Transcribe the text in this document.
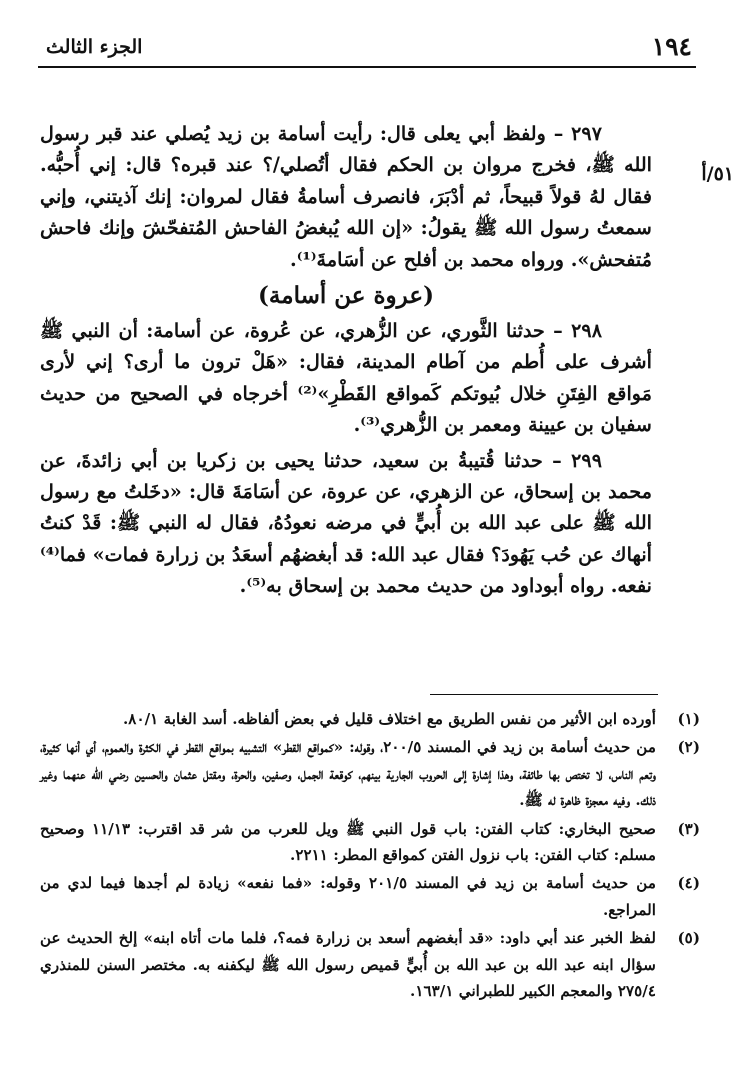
١٩٤
الجزء الثالث
٥١/أ

٢٩٧ – ولفظ أبي يعلى قال: رأيت أسامة بن زيد يُصلي عند قبر رسول الله ﷺ، فخرج مروان بن الحكم فقال أتُصلي/؟ عند قبره؟ قال: إني أُحبُّه. فقال لهُ قولاً قبيحاً، ثم أدْبَرَ، فانصرف أسامةُ فقال لمروان: إنك آذيتني، وإني سمعتُ رسول الله ﷺ يقولُ: «إن الله يُبغضُ الفاحش المُتفحّشَ وإنك فاحش مُتفحش». ورواه محمد بن أفلح عن أسَامةَ⁽¹⁾.

(عروة عن أسامة)

٢٩٨ – حدثنا الثَّوري، عن الزُّهري، عن عُروة، عن أسامة: أن النبي ﷺ أشرف على أُطم من آطام المدينة، فقال: «هَلْ ترون ما أرى؟ إني لأرى مَواقع الفِتَنِ خلال بُيوتكم كَمواقع القَطْرِ»⁽²⁾ أخرجاه في الصحيح من حديث سفيان بن عيينة ومعمر بن الزُّهري⁽³⁾.

٢٩٩ – حدثنا قُتيبةُ بن سعيد، حدثنا يحيى بن زكريا بن أبي زائدةَ، عن محمد بن إسحاق، عن الزهري، عن عروة، عن أسَامَةَ قال: «دخَلتُ مع رسول الله ﷺ على عبد الله بن أُبيٍّ في مرضه نعودُهُ، فقال له النبي ﷺ: قَدْ كنتُ أنهاك عن حُب يَهُودَ؟ فقال عبد الله: قد أبغضهُم أسعَدُ بن زرارة فمات» فما⁽⁴⁾ نفعه. رواه أبوداود من حديث محمد بن إسحاق به⁽⁵⁾.

(١)
أورده ابن الأثير من نفس الطريق مع اختلاف قليل في بعض ألفاظه. أسد الغابة ٨٠/١.
(٢)
من حديث أسامة بن زيد في المسند ٢٠٠/٥، وقوله: «كمواقع القطر» التشبيه بمواقع القطر في الكثرة والعموم، أي أنها كثيرة، وتعم الناس، لا تختص بها طائفة، وهذا إشارة إلى الحروب الجارية بينهم، كوقعة الجمل، وصفين، والحرة، ومقتل عثمان والحسين رضي الله عنهما وغير ذلك. وفيه معجزة ظاهرة له ﷺ.
(٣)
صحيح البخاري: كتاب الفتن: باب قول النبي ﷺ ويل للعرب من شر قد اقترب: ١١/١٣ وصحيح مسلم: كتاب الفتن: باب نزول الفتن كمواقع المطر: ٢٢١١.
(٤)
من حديث أسامة بن زيد في المسند ٢٠١/٥ وقوله: «فما نفعه» زيادة لم أجدها فيما لدي من المراجع.
(٥)
لفظ الخبر عند أبي داود: «قد أبغضهم أسعد بن زرارة فمه؟، فلما مات أتاه ابنه» إلخ الحديث عن سؤال ابنه عبد الله بن عبد الله بن أُبيٍّ قميص رسول الله ﷺ ليكفنه به. مختصر السنن للمنذري ٢٧٥/٤ والمعجم الكبير للطبراني ١٦٣/١.
